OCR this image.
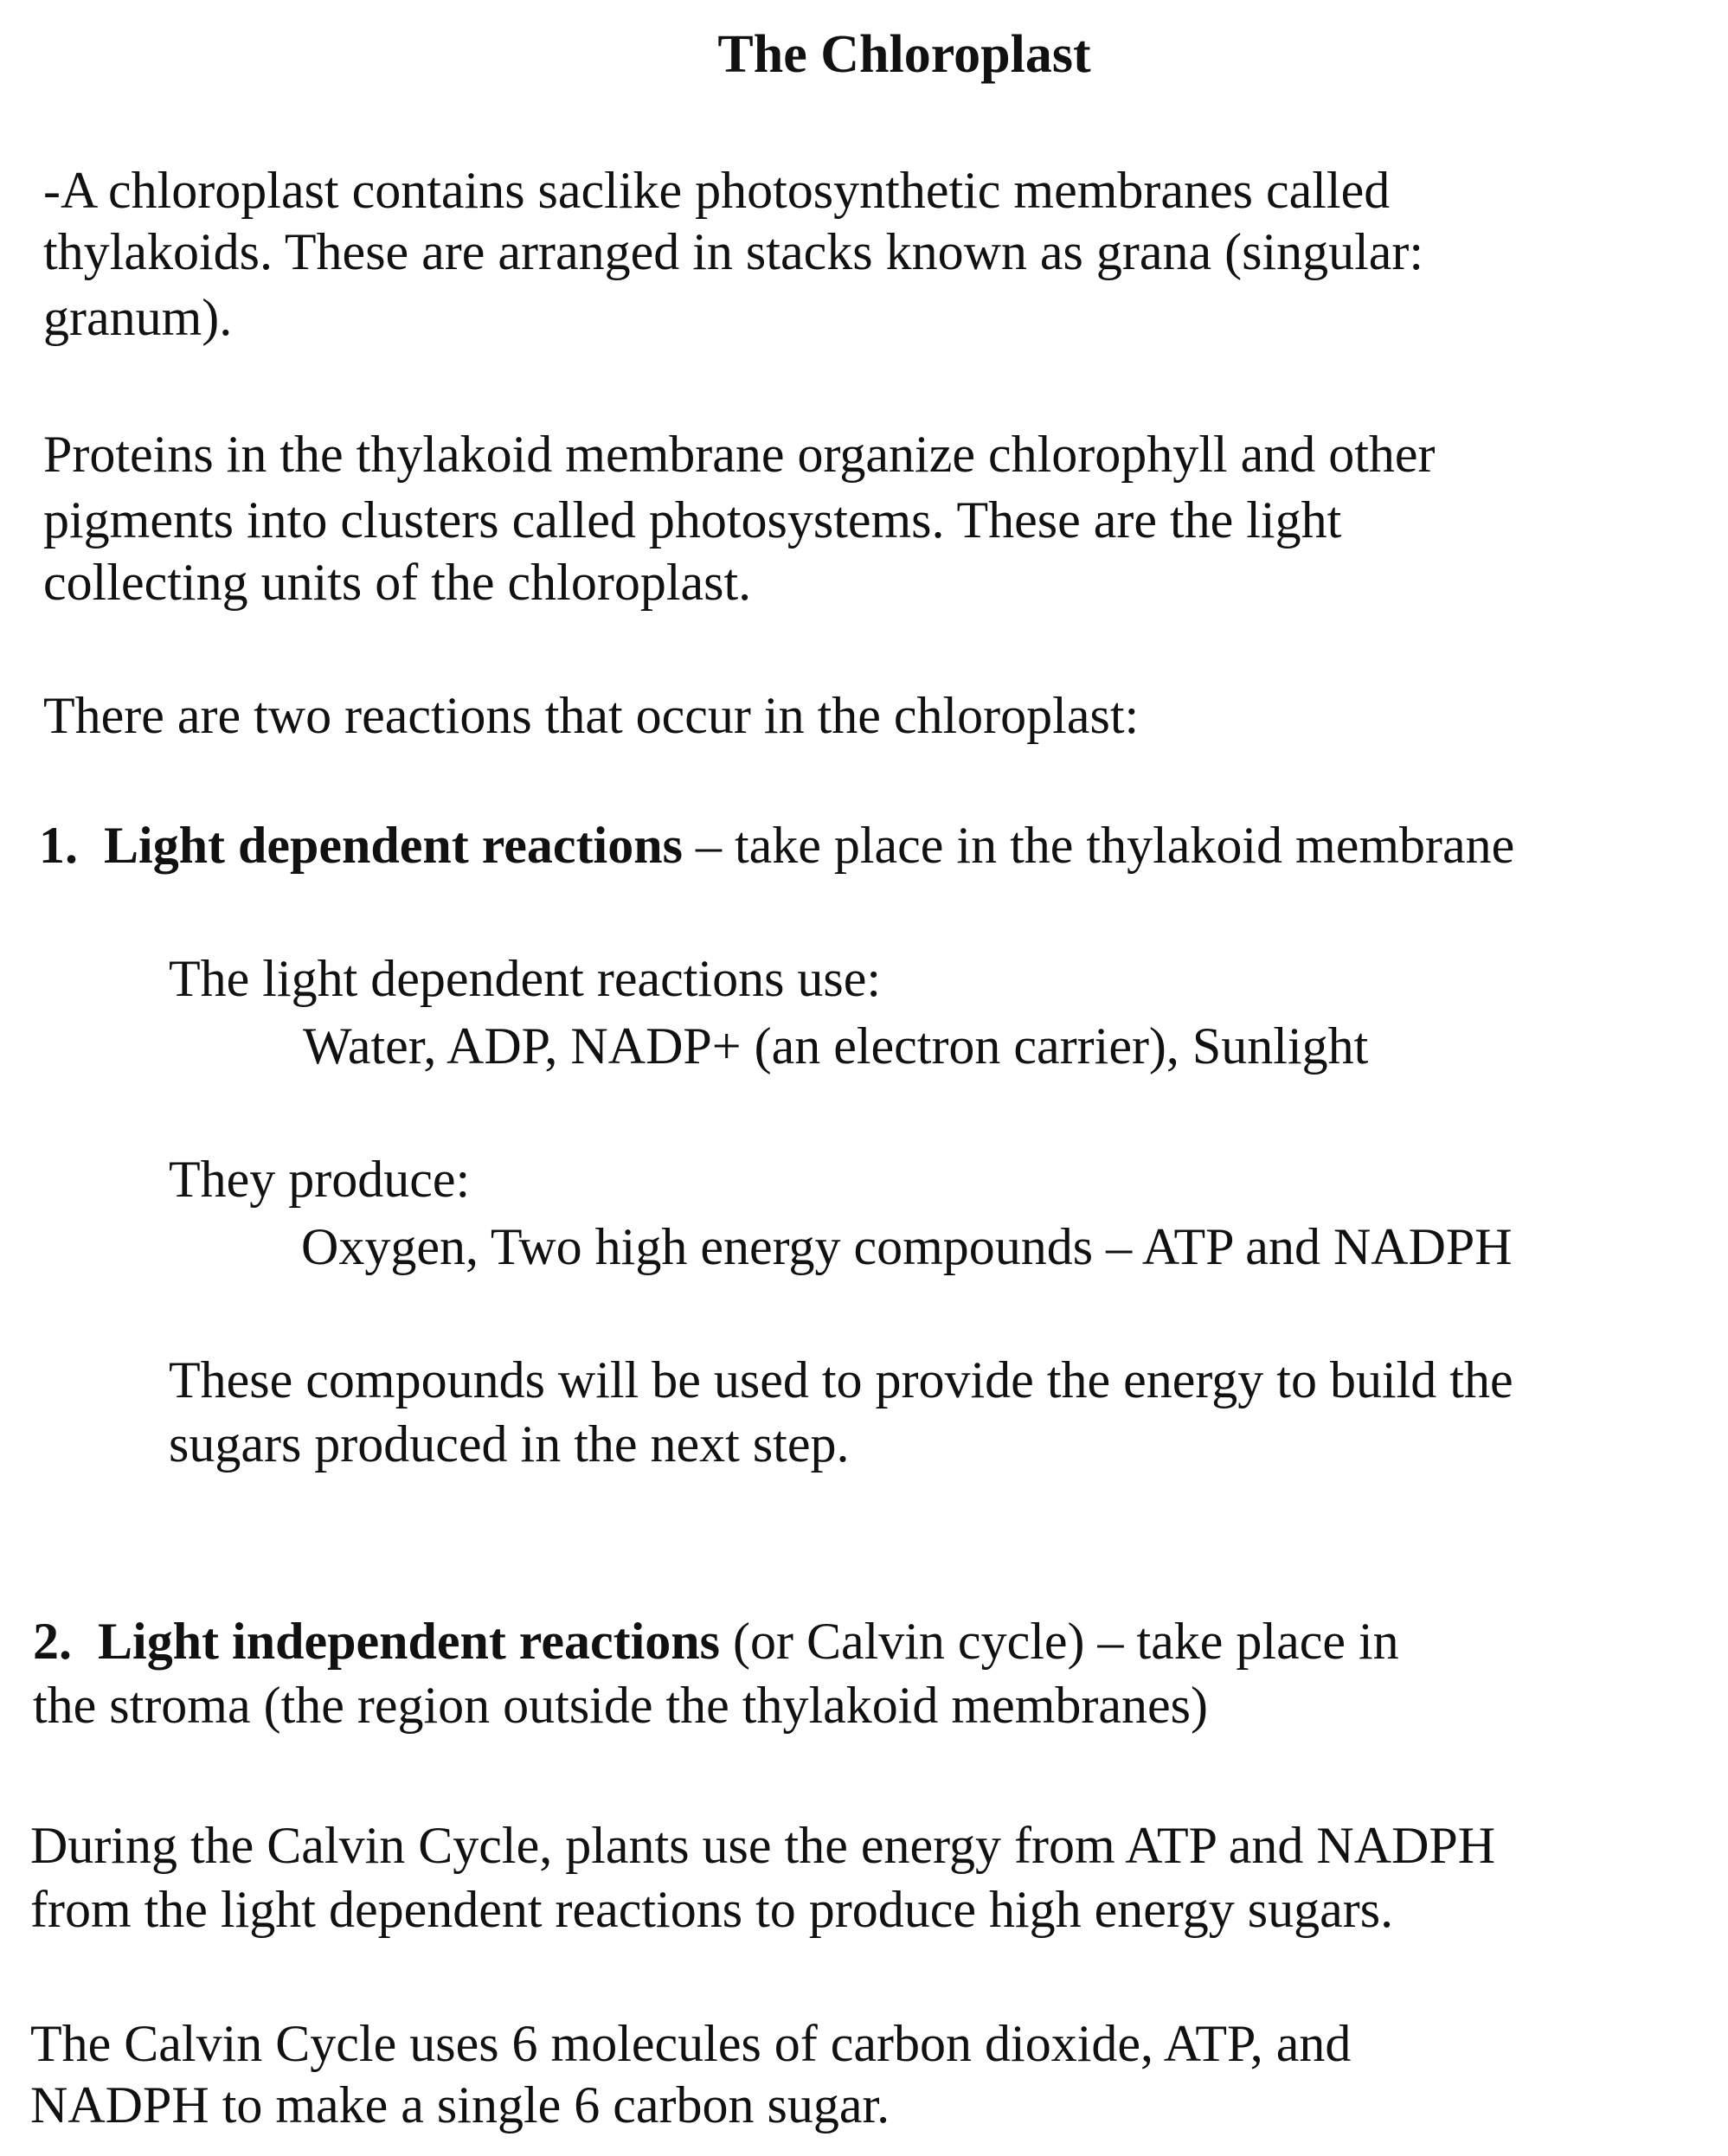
The Chloroplast

-A chloroplast contains saclike photosynthetic membranes called

thylakoids. These are arranged in stacks known as grana (singular:

granum).

Proteins in the thylakoid membrane organize chlorophyll and other

pigments into clusters called photosystems. These are the light

collecting units of the chloroplast.

There are two reactions that occur in the chloroplast:

1. Light dependent reactions – take place in the thylakoid membrane

The light dependent reactions use:

Water, ADP, NADP+ (an electron carrier), Sunlight

They produce:

Oxygen, Two high energy compounds – ATP and NADPH

These compounds will be used to provide the energy to build the

sugars produced in the next step.

2. Light independent reactions (or Calvin cycle) – take place in

the stroma (the region outside the thylakoid membranes)

During the Calvin Cycle, plants use the energy from ATP and NADPH

from the light dependent reactions to produce high energy sugars.

The Calvin Cycle uses 6 molecules of carbon dioxide, ATP, and

NADPH to make a single 6 carbon sugar.
